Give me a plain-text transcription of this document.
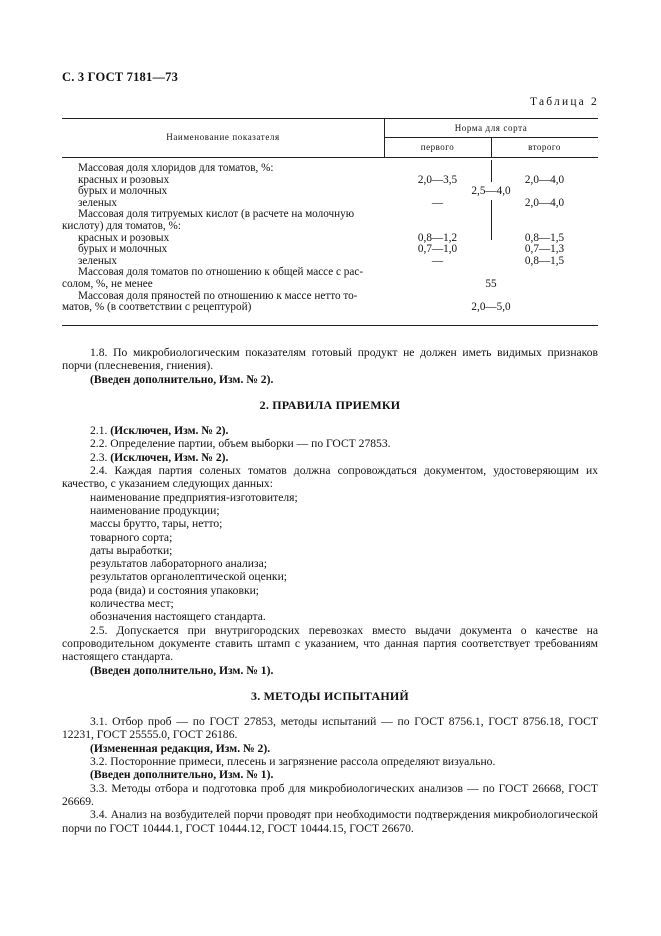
С. 3 ГОСТ 7181—73
Таблица 2
Наименование показателя
Норма для сорта
первого	второго
Массовая доля хлоридов для томатов, %:
красных и розовых	2,0—3,5	2,0—4,0
бурых и молочных	2,5—4,0
зеленых	—	2,0—4,0
Массовая доля титруемых кислот (в расчете на молочную
кислоту) для томатов, %:
красных и розовых	0,8—1,2	0,8—1,5
бурых и молочных	0,7—1,0	0,7—1,3
зеленых	—	0,8—1,5
Массовая доля томатов по отношению к общей массе с рас-
солом, %, не менее	55
Массовая доля пряностей по отношению к массе нетто то-
матов, % (в соответствии с рецептурой)	2,0—5,0
1.8. По микробиологическим показателям готовый продукт не должен иметь видимых признаков порчи (плесневения, гниения).
(Введен дополнительно, Изм. № 2).
2. ПРАВИЛА ПРИЕМКИ
2.1. (Исключен, Изм. № 2).
2.2. Определение партии, объем выборки — по ГОСТ 27853.
2.3. (Исключен, Изм. № 2).
2.4. Каждая партия соленых томатов должна сопровождаться документом, удостоверяющим их качество, с указанием следующих данных:
наименование предприятия-изготовителя;
наименование продукции;
массы брутто, тары, нетто;
товарного сорта;
даты выработки;
результатов лабораторного анализа;
результатов органолептической оценки;
рода (вида) и состояния упаковки;
количества мест;
обозначения настоящего стандарта.
2.5. Допускается при внутригородских перевозках вместо выдачи документа о качестве на сопроводительном документе ставить штамп с указанием, что данная партия соответствует требованиям настоящего стандарта.
(Введен дополнительно, Изм. № 1).
3. МЕТОДЫ ИСПЫТАНИЙ
3.1. Отбор проб — по ГОСТ 27853, методы испытаний — по ГОСТ 8756.1, ГОСТ 8756.18, ГОСТ 12231, ГОСТ 25555.0, ГОСТ 26186.
(Измененная редакция, Изм. № 2).
3.2. Посторонние примеси, плесень и загрязнение рассола определяют визуально.
(Введен дополнительно, Изм. № 1).
3.3. Методы отбора и подготовка проб для микробиологических анализов — по ГОСТ 26668, ГОСТ 26669.
3.4. Анализ на возбудителей порчи проводят при необходимости подтверждения микробиологической порчи по ГОСТ 10444.1, ГОСТ 10444.12, ГОСТ 10444.15, ГОСТ 26670.
